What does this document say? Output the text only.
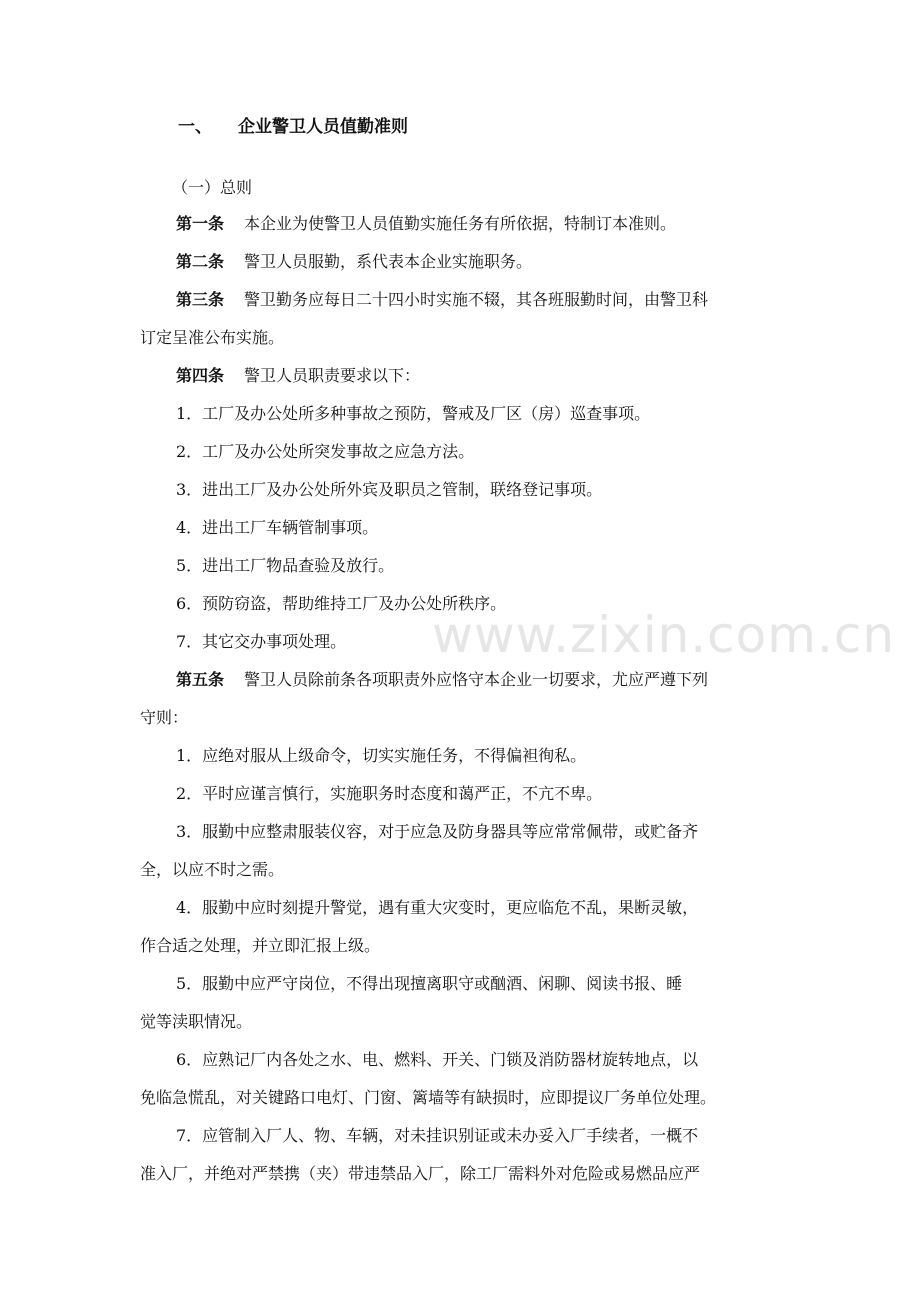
www.zixin.com.cn
一、 企业警卫人员值勤准则
（一）总则
第一条 本企业为使警卫人员值勤实施任务有所依据，特制订本准则。
第二条 警卫人员服勤，系代表本企业实施职务。
第三条 警卫勤务应每日二十四小时实施不辍，其各班服勤时间，由警卫科
订定呈准公布实施。
第四条 警卫人员职责要求以下：
1．工厂及办公处所多种事故之预防，警戒及厂区（房）巡查事项。
2．工厂及办公处所突发事故之应急方法。
3．进出工厂及办公处所外宾及职员之管制，联络登记事项。
4．进出工厂车辆管制事项。
5．进出工厂物品查验及放行。
6．预防窃盗，帮助维持工厂及办公处所秩序。
7．其它交办事项处理。
第五条 警卫人员除前条各项职责外应恪守本企业一切要求，尤应严遵下列
守则：
1．应绝对服从上级命令，切实实施任务，不得偏袒徇私。
2．平时应谨言慎行，实施职务时态度和蔼严正，不亢不卑。
3．服勤中应整肃服装仪容，对于应急及防身器具等应常常佩带，或贮备齐
全，以应不时之需。
4．服勤中应时刻提升警觉，遇有重大灾变时，更应临危不乱，果断灵敏，
作合适之处理，并立即汇报上级。
5．服勤中应严守岗位，不得出现擅离职守或酗酒、闲聊、阅读书报、睡
觉等渎职情况。
6．应熟记厂内各处之水、电、燃料、开关、门锁及消防器材旋转地点，以
免临急慌乱，对关键路口电灯、门窗、篱墙等有缺损时，应即提议厂务单位处理。
7．应管制入厂人、物、车辆，对未挂识别证或未办妥入厂手续者，一概不
准入厂，并绝对严禁携（夹）带违禁品入厂，除工厂需料外对危险或易燃品应严
